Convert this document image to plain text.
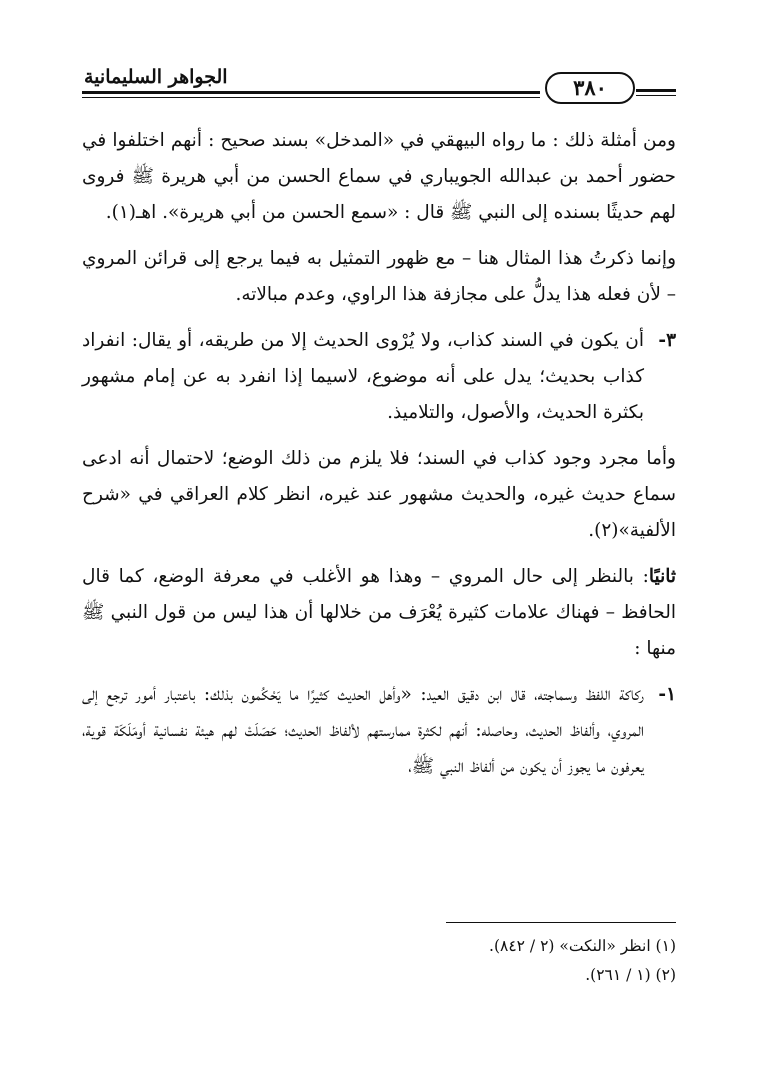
الجواهر السليمانية	٣٨٠

ومن أمثلة ذلك : ما رواه البيهقي في «المدخل» بسند صحيح : أنهم اختلفوا في حضور أحمد بن عبدالله الجويباري في سماع الحسن من أبي هريرة ﷺ فروى لهم حديثًا بسنده إلى النبي ﷺ قال : «سمع الحسن من أبي هريرة». اهـ(١).

وإنما ذكرتُ هذا المثال هنا – مع ظهور التمثيل به فيما يرجع إلى قرائن المروي – لأن فعله هذا يدلُّ على مجازفة هذا الراوي، وعدم مبالاته.

٣-
أن يكون في السند كذاب، ولا يُرْوى الحديث إلا من طريقه، أو يقال: انفراد كذاب بحديث؛ يدل على أنه موضوع، لاسيما إذا انفرد به عن إمام مشهور بكثرة الحديث، والأصول، والتلاميذ.

وأما مجرد وجود كذاب في السند؛ فلا يلزم من ذلك الوضع؛ لاحتمال أنه ادعى سماع حديث غيره، والحديث مشهور عند غيره، انظر كلام العراقي في «شرح الألفية»(٢).

ثانيًا: بالنظر إلى حال المروي – وهذا هو الأغلب في معرفة الوضع، كما قال الحافظ – فهناك علامات كثيرة يُعْرَف من خلالها أن هذا ليس من قول النبي ﷺ منها :

١-
ركاكة اللفظ وسماجته، قال ابن دقيق العيد: «وأهل الحديث كثيرًا ما يَحْكُمون بذلك: باعتبار أمور ترجع إلى المروي، وألفاظ الحديث، وحاصله: أنهم لكثرة ممارستهم لألفاظ الحديث؛ حَصَلَتْ لهم هيئة نفسانية أومَلَكَة قوية، يعرفون ما يجوز أن يكون من ألفاظ النبي ﷺ،
(١) انظر «النكت» (٢ / ٨٤٢).
(٢) (١ / ٢٦١).
